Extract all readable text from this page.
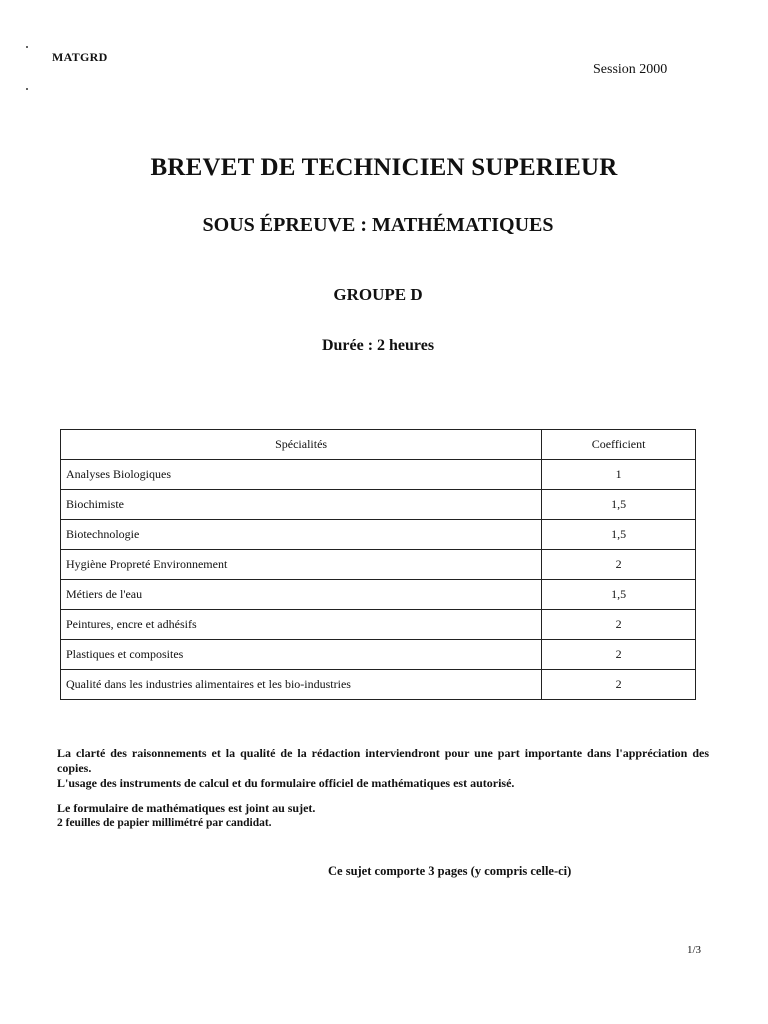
MATGRD
Session 2000
BREVET DE TECHNICIEN SUPERIEUR
SOUS ÉPREUVE : MATHÉMATIQUES
GROUPE D
Durée : 2 heures
Spécialités	Coefficient
Analyses Biologiques	1
Biochimiste	1,5
Biotechnologie	1,5
Hygiène Propreté Environnement	2
Métiers de l'eau	1,5
Peintures, encre et adhésifs	2
Plastiques et composites	2
Qualité dans les industries alimentaires et les bio-industries	2

La clarté des raisonnements et la qualité de la rédaction interviendront pour une part importante dans l'appréciation des copies.

L'usage des instruments de calcul et du formulaire officiel de mathématiques est autorisé.

Le formulaire de mathématiques est joint au sujet.

2 feuilles de papier millimétré par candidat.

Ce sujet comporte 3 pages (y compris celle-ci)
1/3
